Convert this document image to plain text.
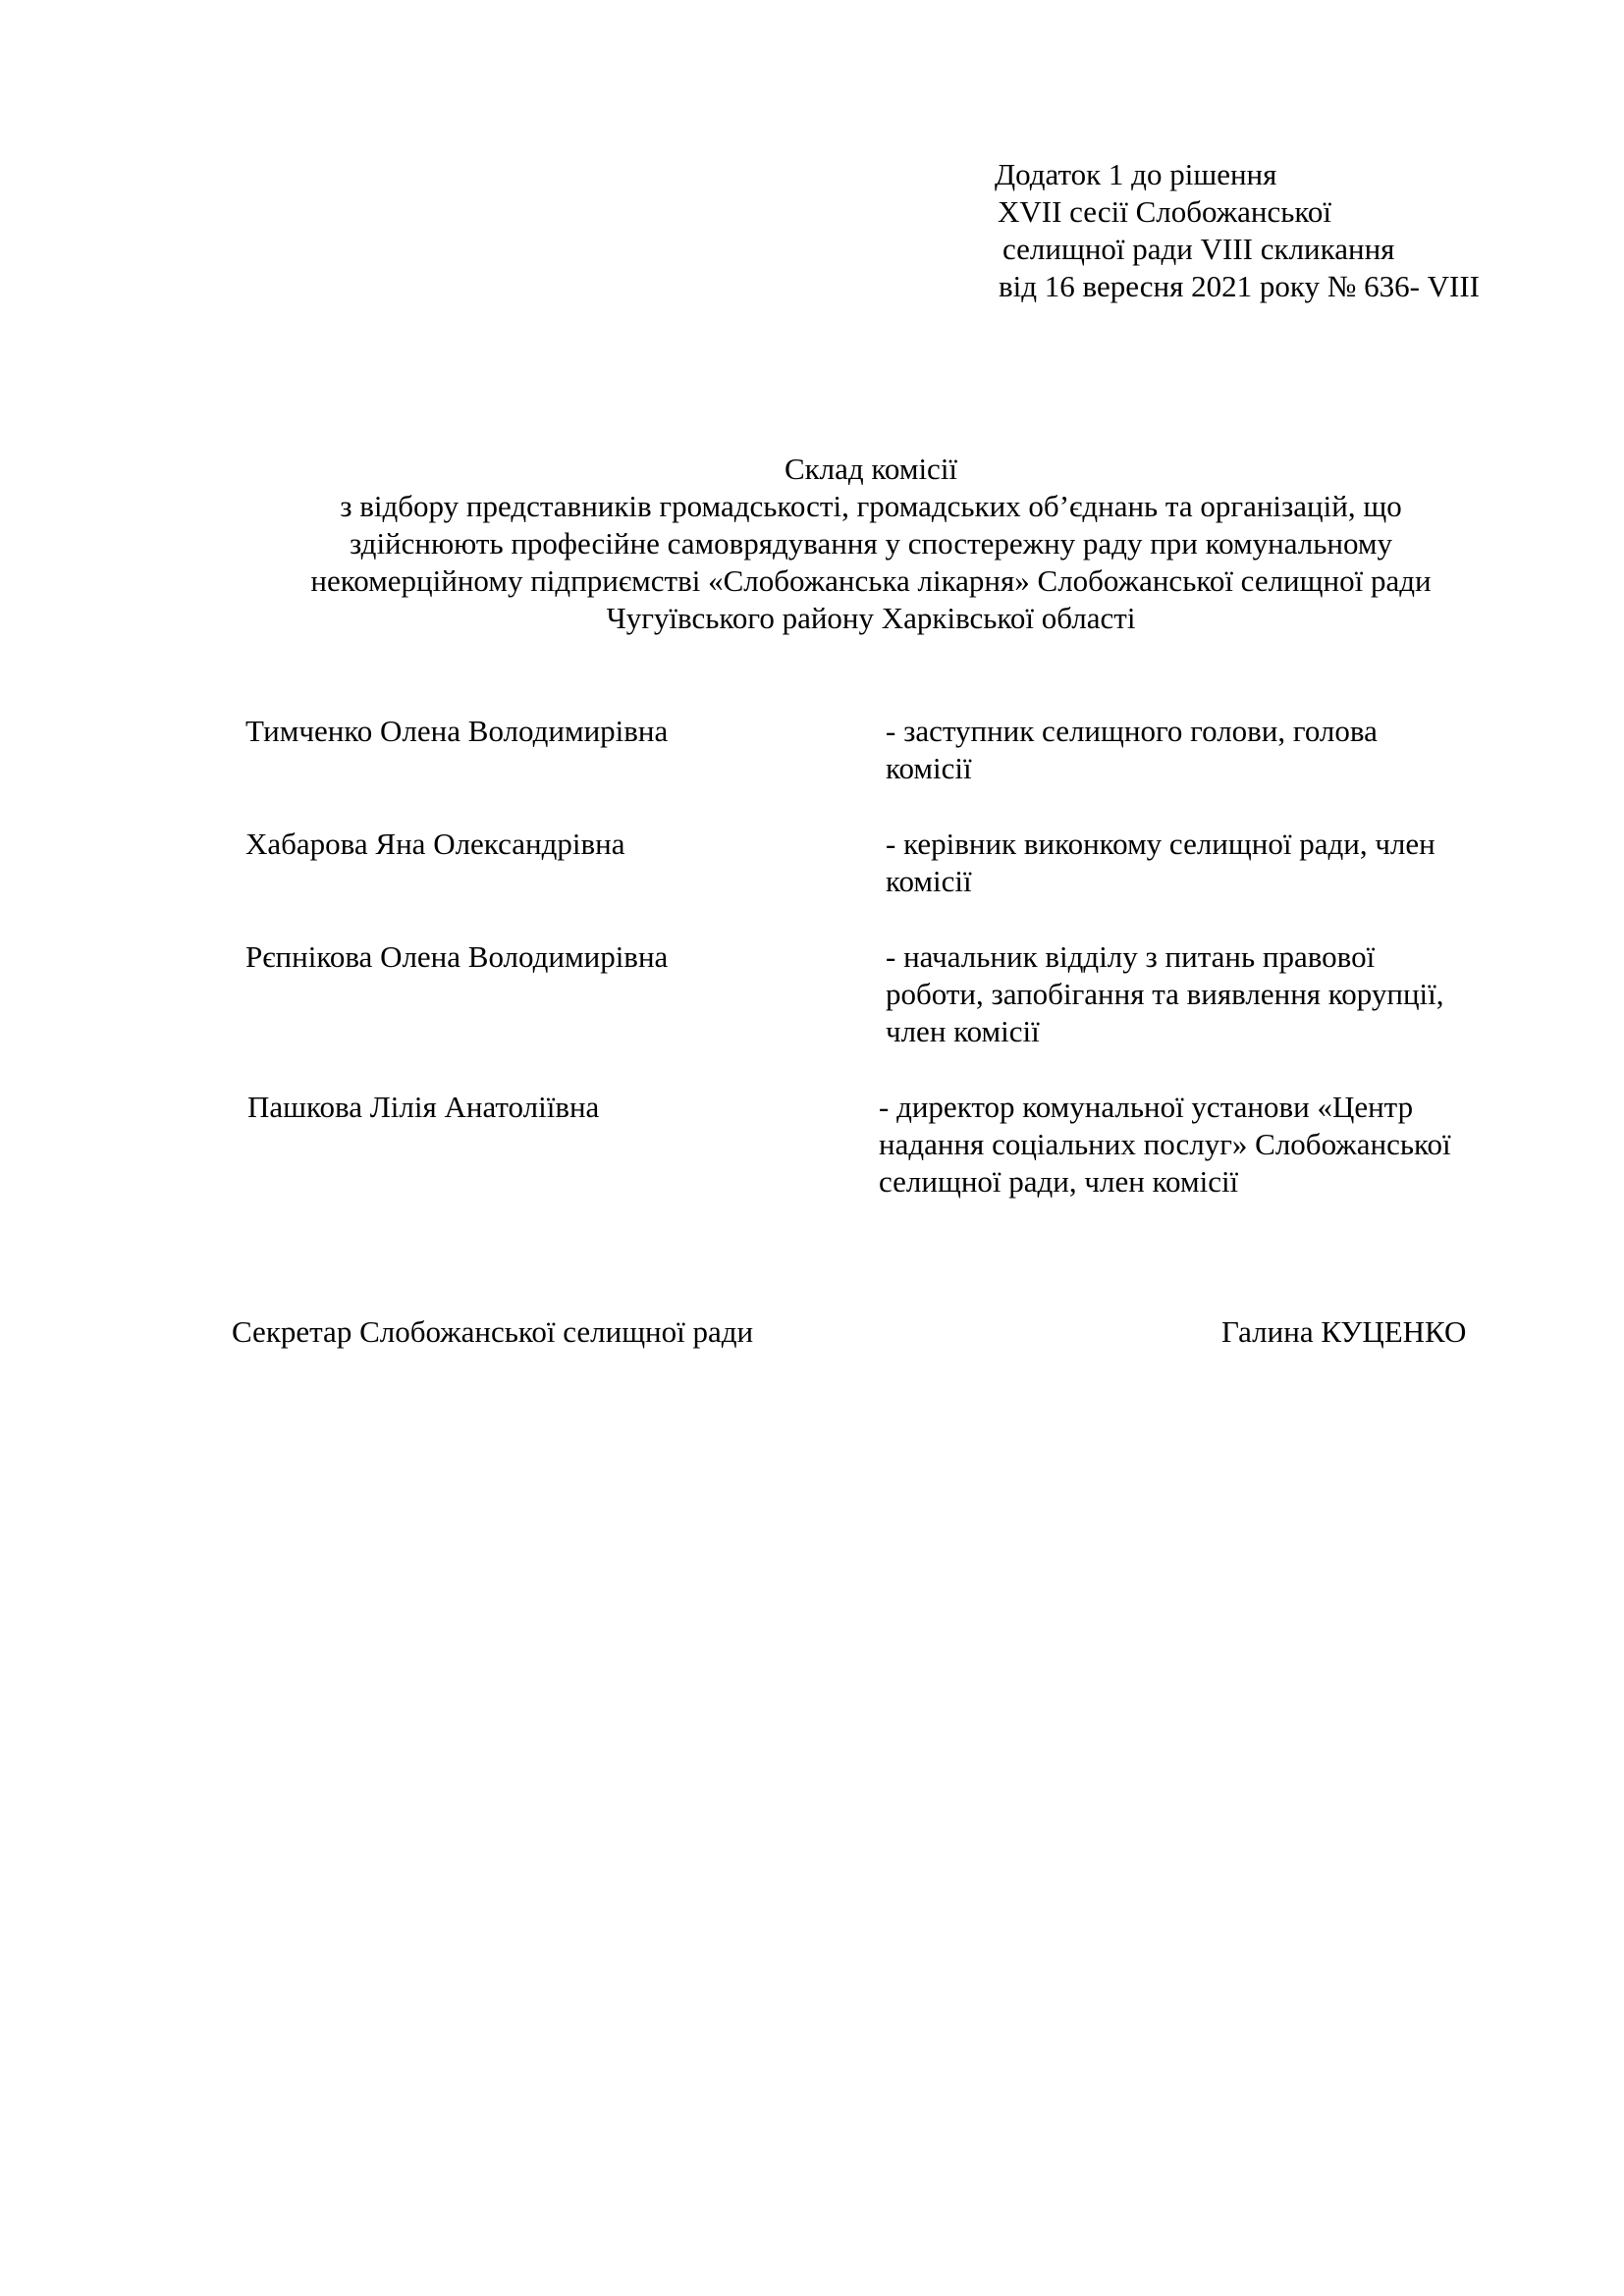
Додаток 1 до рішення
XVII сесії Слобожанської
селищної ради VIII скликання
від 16 вересня 2021 року № 636- VIII
Склад комісії
з відбору представників громадськості, громадських об’єднань та організацій, що
здійснюють професійне самоврядування у спостережну раду при комунальному
некомерційному підприємстві «Слобожанська лікарня» Слобожанської селищної ради
Чугуївського району Харківської області
Тимченко Олена Володимирівна	- заступник селищного голови, голова
комісії
Хабарова Яна Олександрівна	- керівник виконкому селищної ради, член
комісії
Рєпнікова Олена Володимирівна	- начальник відділу з питань правової
роботи, запобігання та виявлення корупції,
член комісії
Пашкова Лілія Анатоліївна	- директор комунальної установи «Центр
надання соціальних послуг» Слобожанської
селищної ради, член комісії
Секретар Слобожанської селищної ради	Галина КУЦЕНКО
